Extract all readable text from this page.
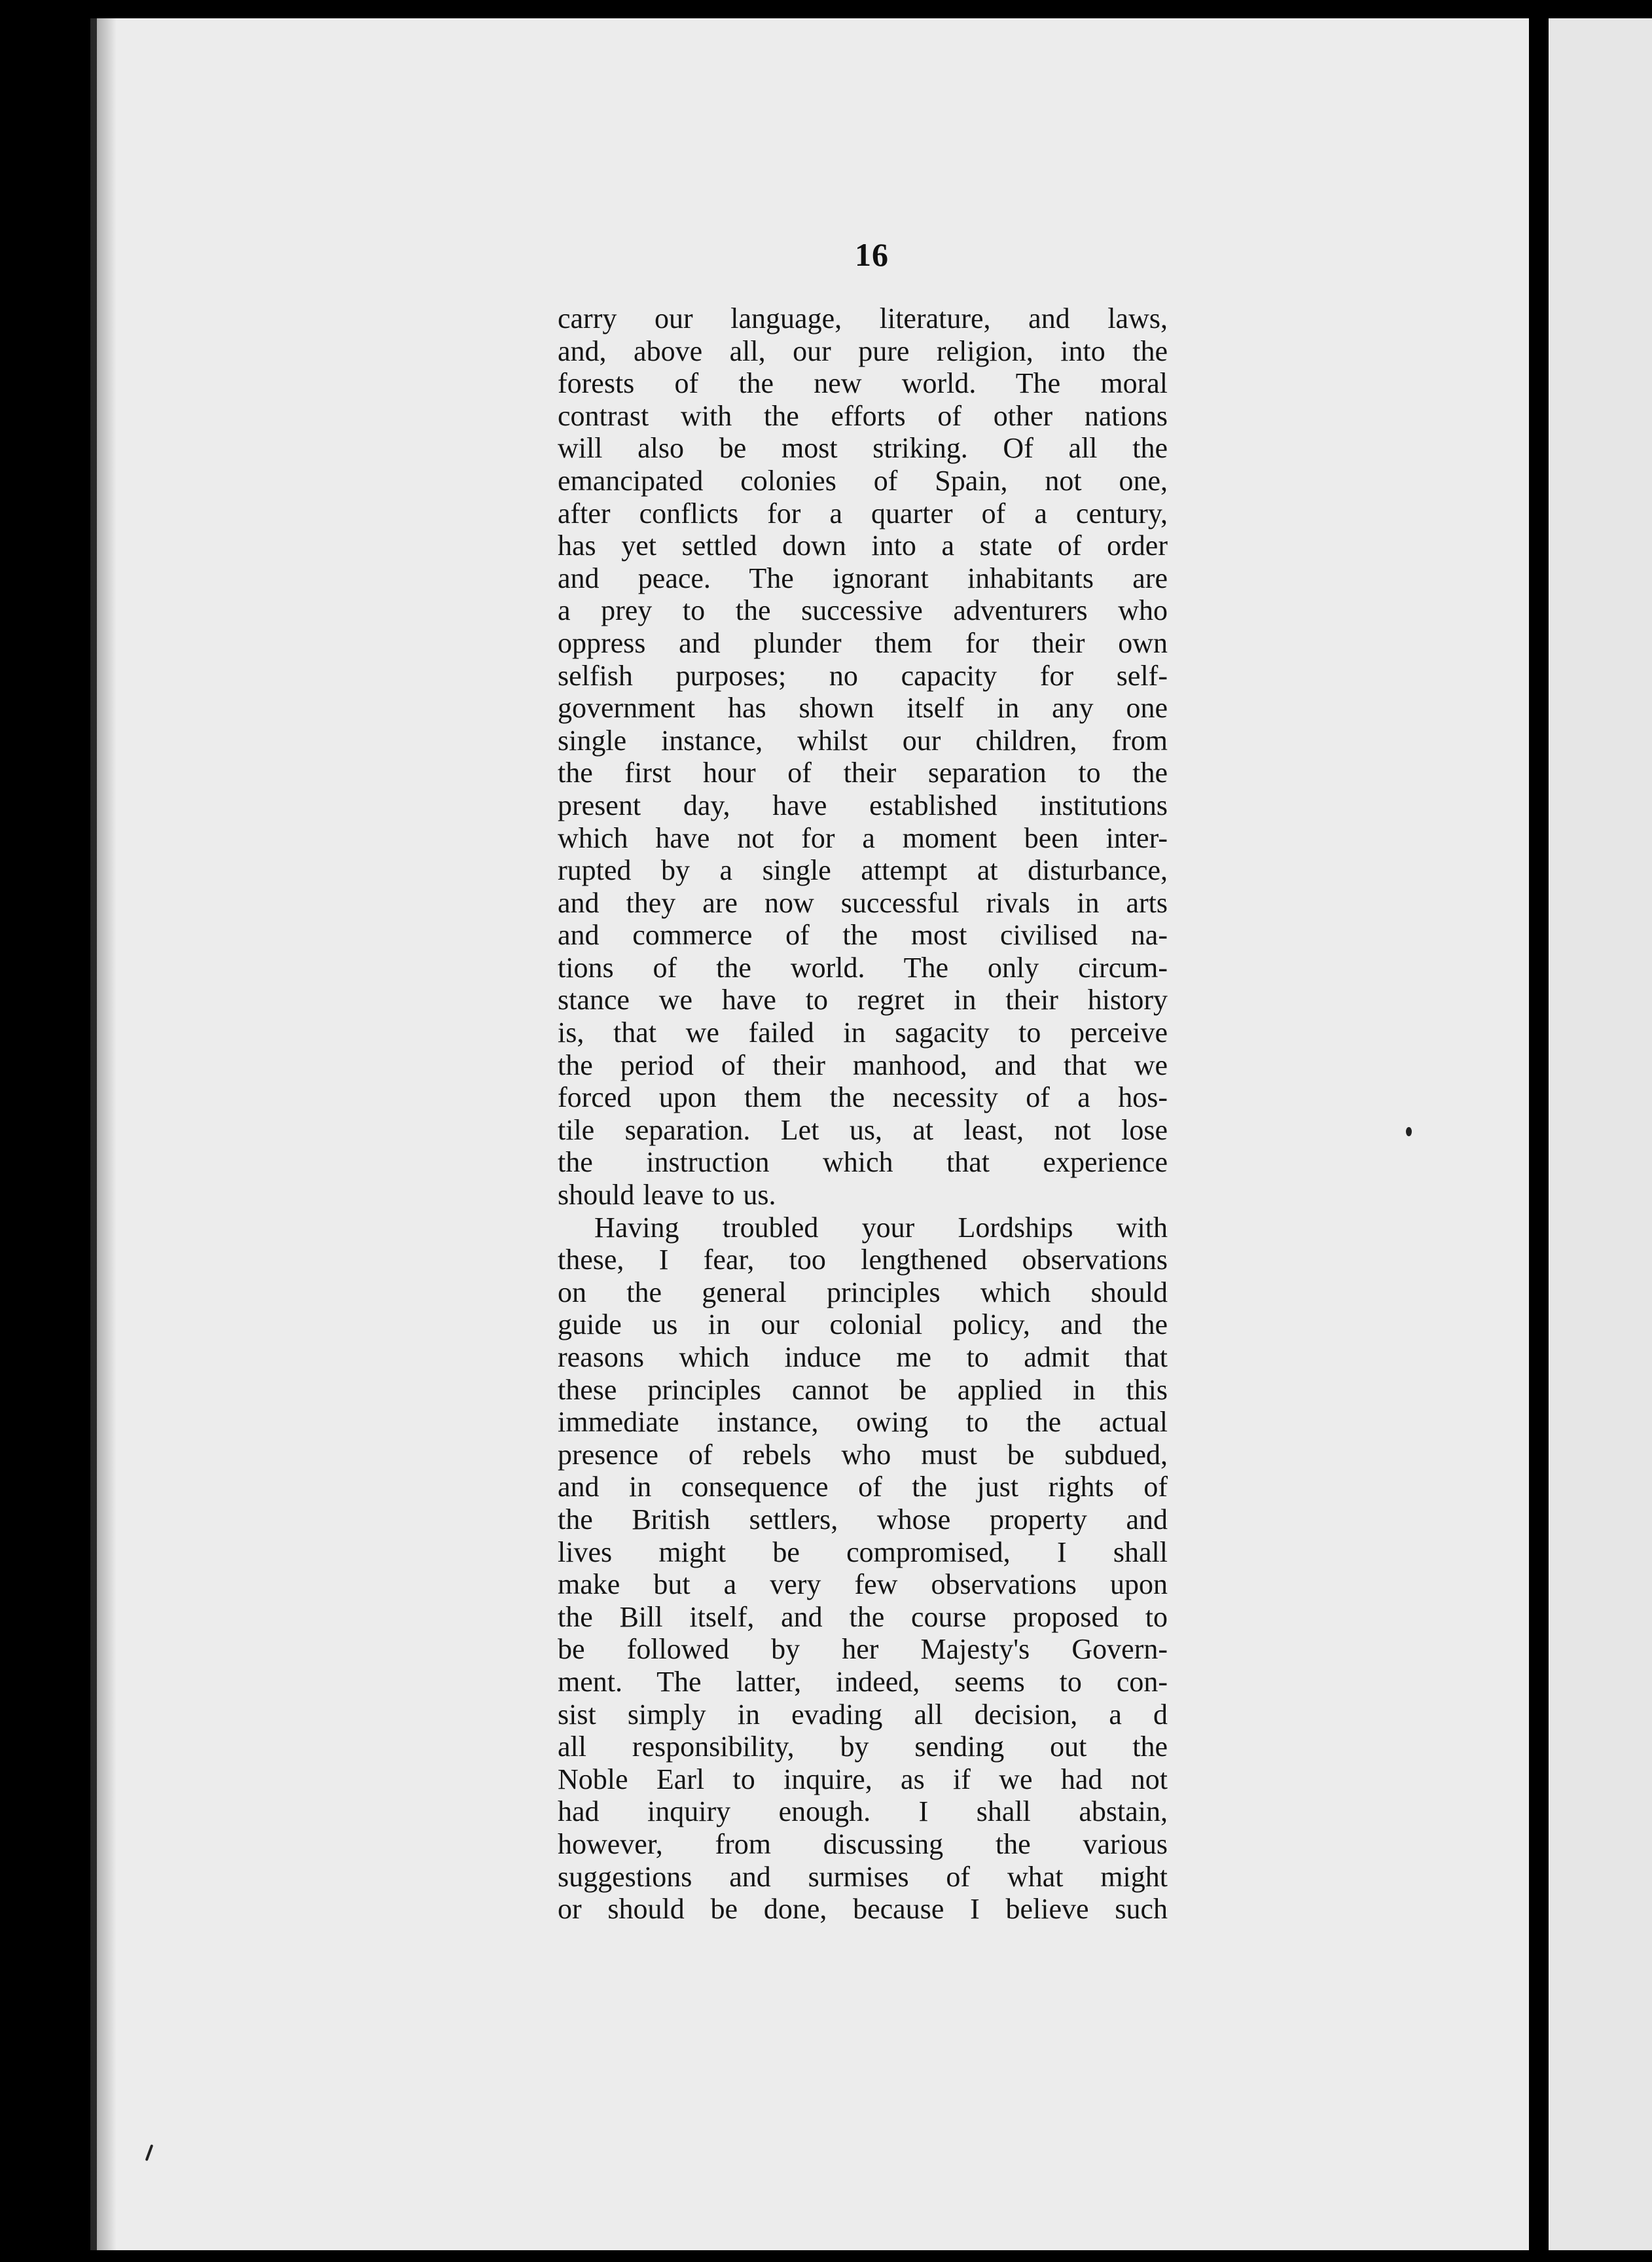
16
carry our language, literature, and laws,
and, above all, our pure religion, into the
forests of the new world. The moral
contrast with the efforts of other nations
will also be most striking. Of all the
emancipated colonies of Spain, not one,
after conflicts for a quarter of a century,
has yet settled down into a state of order
and peace. The ignorant inhabitants are
a prey to the successive adventurers who
oppress and plunder them for their own
selfish purposes; no capacity for self-
government has shown itself in any one
single instance, whilst our children, from
the first hour of their separation to the
present day, have established institutions
which have not for a moment been inter-
rupted by a single attempt at disturbance,
and they are now successful rivals in arts
and commerce of the most civilised na-
tions of the world. The only circum-
stance we have to regret in their history
is, that we failed in sagacity to perceive
the period of their manhood, and that we
forced upon them the necessity of a hos-
tile separation. Let us, at least, not lose
the instruction which that experience
should leave to us.
Having troubled your Lordships with
these, I fear, too lengthened observations
on the general principles which should
guide us in our colonial policy, and the
reasons which induce me to admit that
these principles cannot be applied in this
immediate instance, owing to the actual
presence of rebels who must be subdued,
and in consequence of the just rights of
the British settlers, whose property and
lives might be compromised, I shall
make but a very few observations upon
the Bill itself, and the course proposed to
be followed by her Majesty's Govern-
ment. The latter, indeed, seems to con-
sist simply in evading all decision, a d
all responsibility, by sending out the
Noble Earl to inquire, as if we had not
had inquiry enough. I shall abstain,
however, from discussing the various
suggestions and surmises of what might
or should be done, because I believe such
